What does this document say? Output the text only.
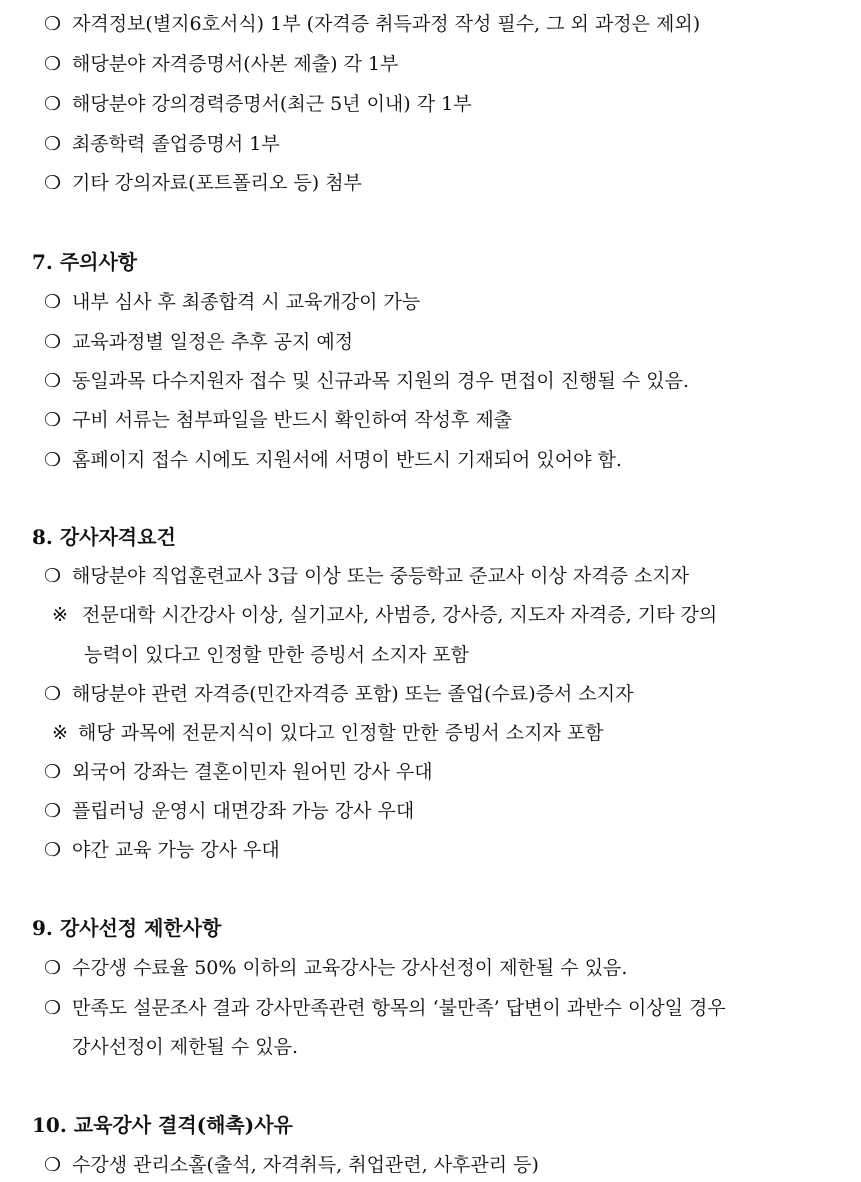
❍ 자격정보(별지6호서식) 1부 (자격증 취득과정 작성 필수, 그 외 과정은 제외)
❍ 해당분야 자격증명서(사본 제출) 각 1부
❍ 해당분야 강의경력증명서(최근 5년 이내) 각 1부
❍ 최종학력 졸업증명서 1부
❍ 기타 강의자료(포트폴리오 등) 첨부
7. 주의사항
❍ 내부 심사 후 최종합격 시 교육개강이 가능
❍ 교육과정별 일정은 추후 공지 예정
❍ 동일과목 다수지원자 접수 및 신규과목 지원의 경우 면접이 진행될 수 있음.
❍ 구비 서류는 첨부파일을 반드시 확인하여 작성후 제출
❍ 홈페이지 접수 시에도 지원서에 서명이 반드시 기재되어 있어야 함.
8. 강사자격요건
❍ 해당분야 직업훈련교사 3급 이상 또는 중등학교 준교사 이상 자격증 소지자
※ 전문대학 시간강사 이상, 실기교사, 사범증, 강사증, 지도자 자격증, 기타 강의
능력이 있다고 인정할 만한 증빙서 소지자 포함
❍ 해당분야 관련 자격증(민간자격증 포함) 또는 졸업(수료)증서 소지자
※ 해당 과목에 전문지식이 있다고 인정할 만한 증빙서 소지자 포함
❍ 외국어 강좌는 결혼이민자 원어민 강사 우대
❍ 플립러닝 운영시 대면강좌 가능 강사 우대
❍ 야간 교육 가능 강사 우대
9. 강사선정 제한사항
❍ 수강생 수료율 50% 이하의 교육강사는 강사선정이 제한될 수 있음.
❍ 만족도 설문조사 결과 강사만족관련 항목의 ‘불만족’ 답변이 과반수 이상일 경우
강사선정이 제한될 수 있음.
10. 교육강사 결격(해촉)사유
❍ 수강생 관리소홀(출석, 자격취득, 취업관련, 사후관리 등)
